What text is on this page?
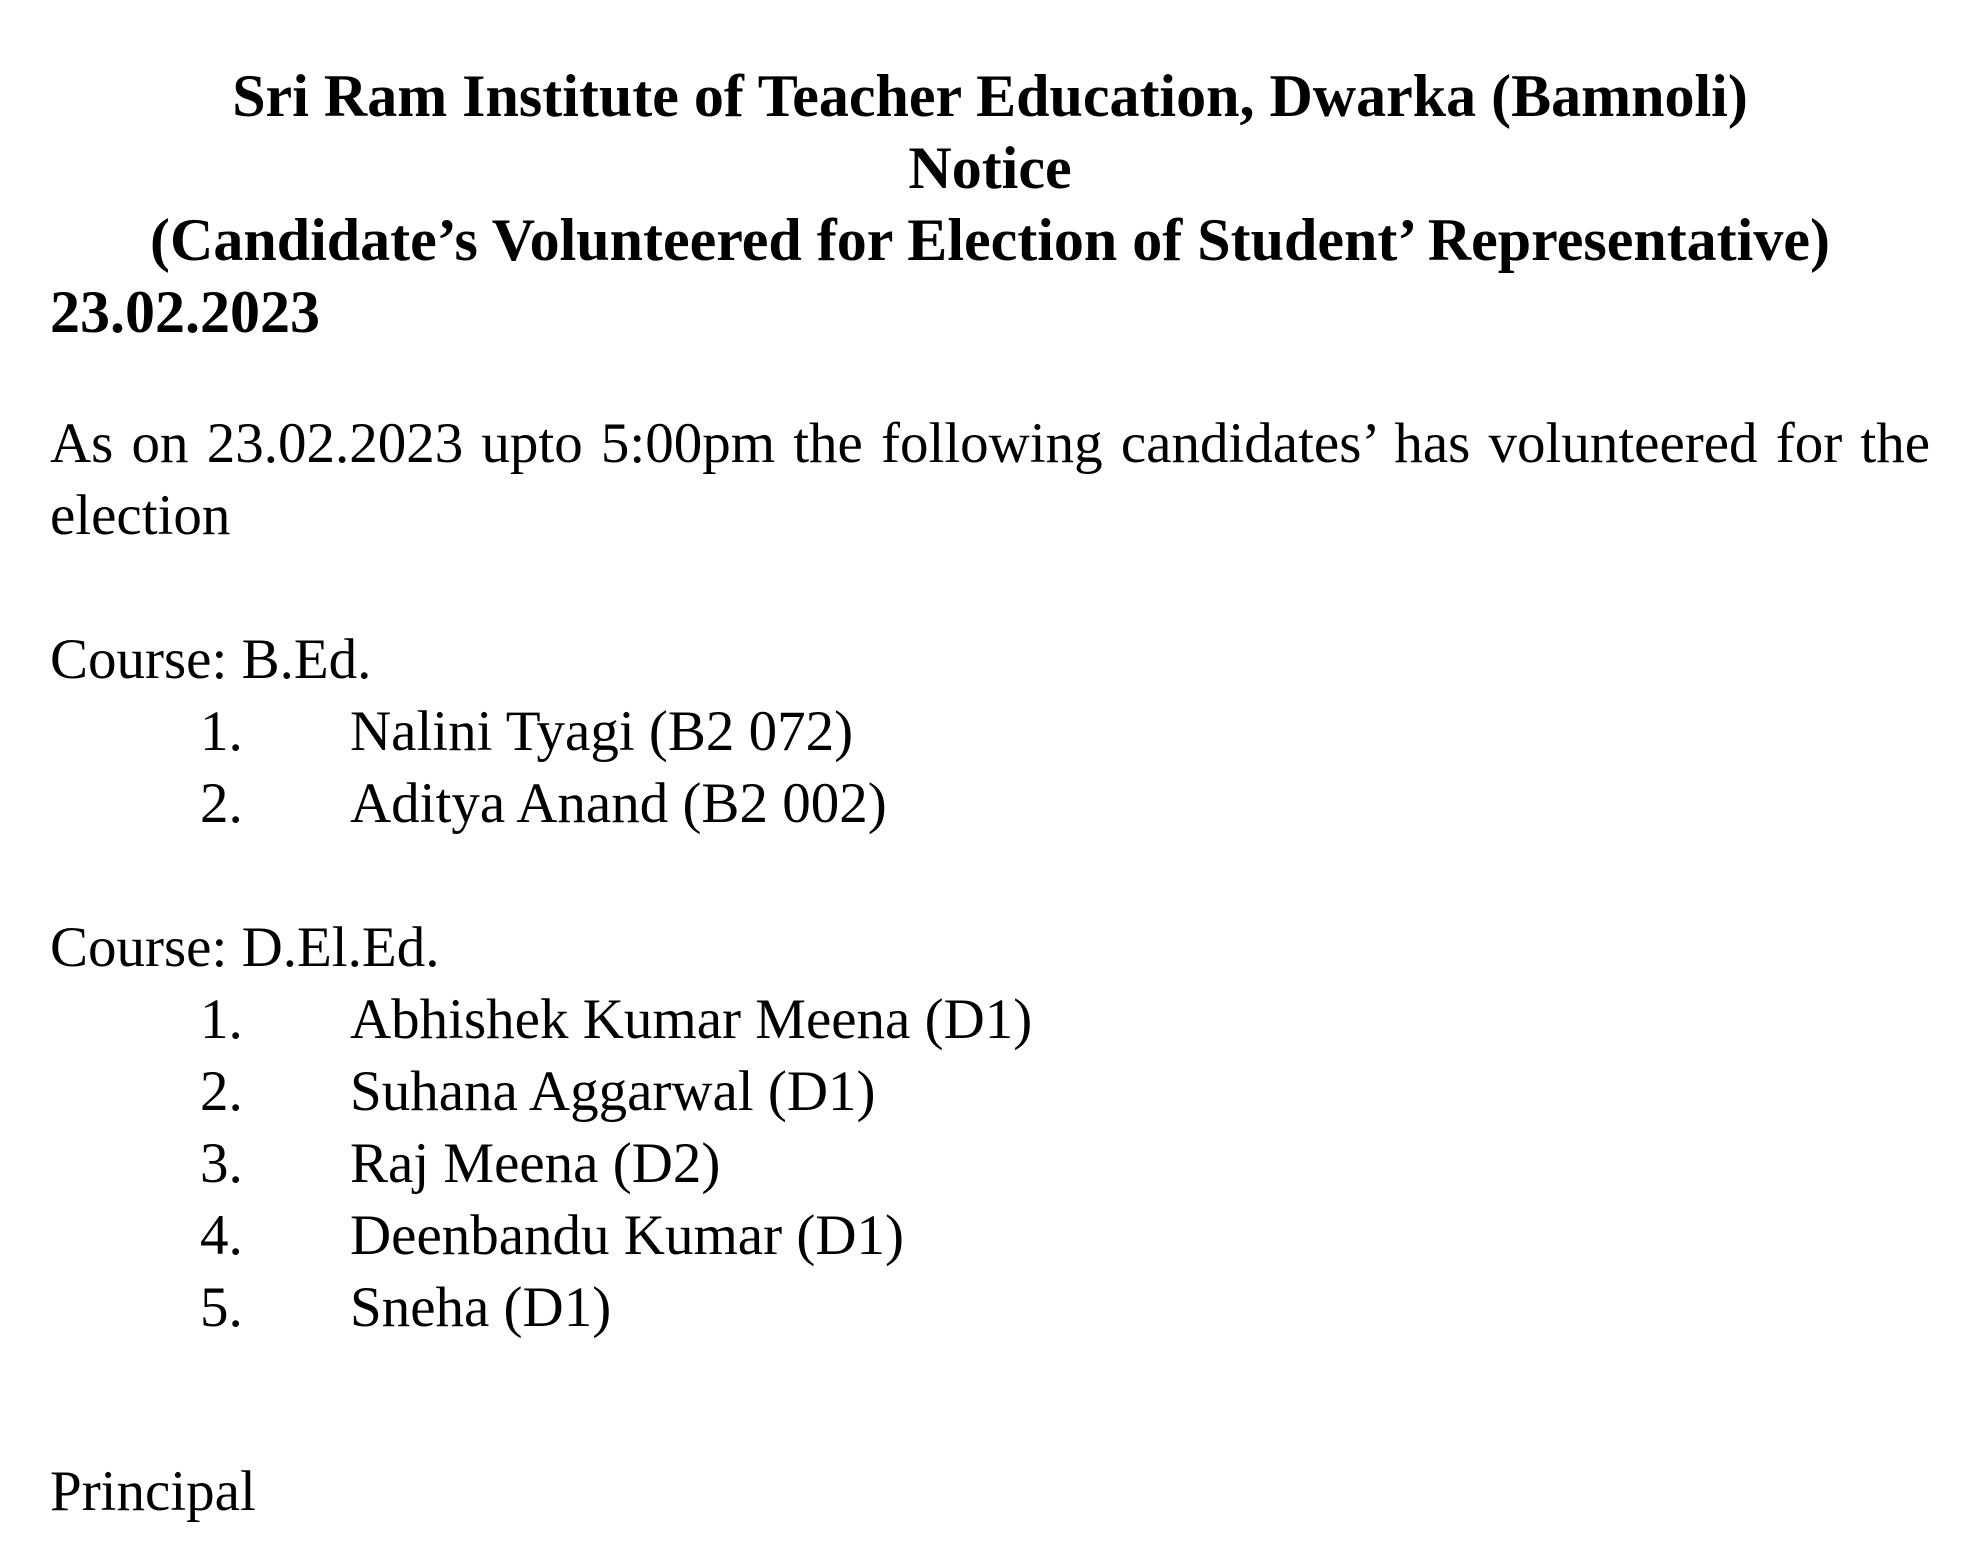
Sri Ram Institute of Teacher Education, Dwarka (Bamnoli)
Notice
(Candidate’s Volunteered for Election of Student’ Representative)
23.02.2023
As on 23.02.2023 upto 5:00pm the following candidates’ has volunteered for the election
Course: B.Ed.
1. Nalini Tyagi (B2 072)
2. Aditya Anand (B2 002)
Course: D.El.Ed.
1. Abhishek Kumar Meena (D1)
2. Suhana Aggarwal (D1)
3. Raj Meena (D2)
4. Deenbandu Kumar (D1)
5. Sneha (D1)
Principal
